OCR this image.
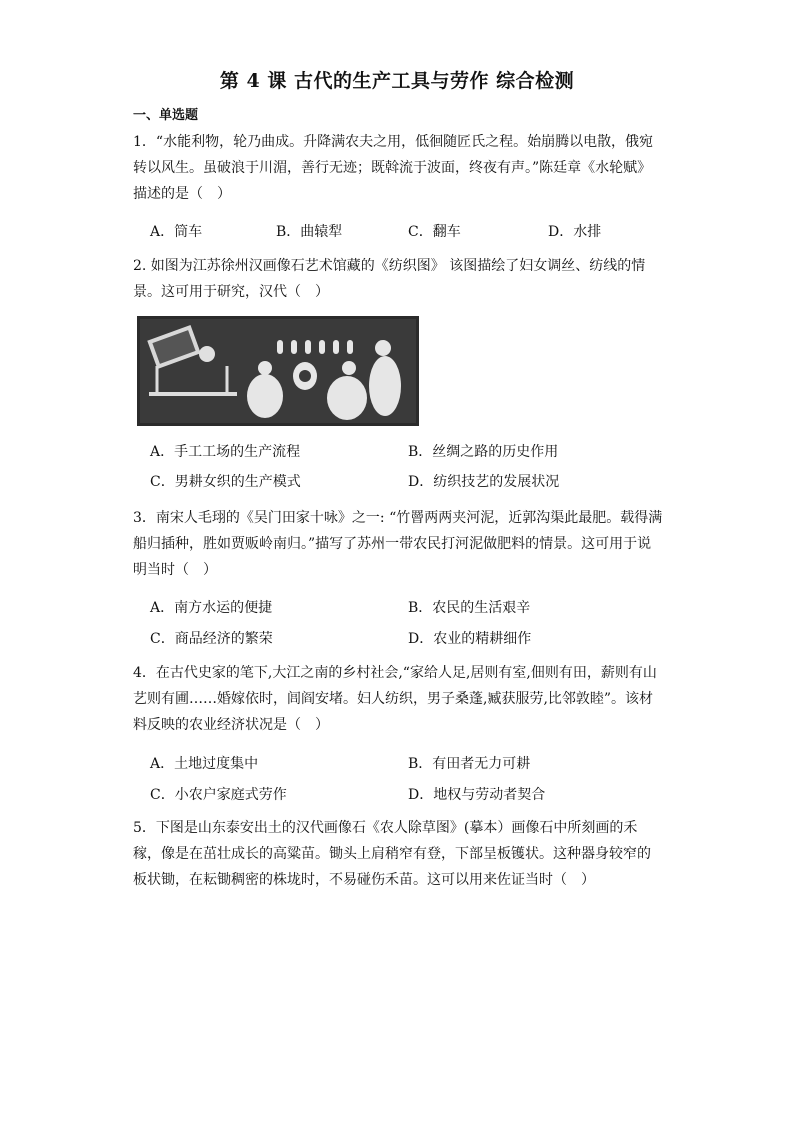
第 4 课 古代的生产工具与劳作 综合检测
一、单选题
1．“水能利物，轮乃曲成。升降满农夫之用，低徊随匠氏之程。始崩腾以电散，俄宛转以风生。虽破浪于川湄，善行无迹；既斡流于波面，终夜有声。”陈廷章《水轮赋》描述的是（　）
A．筒车	B．曲辕犁	C．翻车	D．水排
2. 如图为江苏徐州汉画像石艺术馆藏的《纺织图》 该图描绘了妇女调丝、纺线的情景。这可用于研究，汉代（　）
A．手工工场的生产流程	B．丝绸之路的历史作用
C．男耕女织的生产模式	D．纺织技艺的发展状况
3．南宋人毛珝的《吴门田家十咏》之一: “竹罾两两夹河泥，近郭沟渠此最肥。载得满船归插种，胜如贾贩岭南归。”描写了苏州一带农民打河泥做肥料的情景。这可用于说明当时（　）
A．南方水运的便捷	B．农民的生活艰辛
C．商品经济的繁荣	D．农业的精耕细作
4．在古代史家的笔下,大江之南的乡村社会,“家给人足,居则有室,佃则有田，薪则有山艺则有圃……婚嫁依时，闾阎安堵。妇人纺织，男子桑蓬,臧获服劳,比邻敦睦”。该材料反映的农业经济状况是（　）
A．土地过度集中	B．有田者无力可耕
C．小农户家庭式劳作	D．地权与劳动者契合
5．下图是山东泰安出土的汉代画像石《农人除草图》(摹本）画像石中所刻画的禾稼，像是在茁壮成长的高粱苗。锄头上肩稍窄有登，下部呈板镬状。这种器身较窄的板状锄，在耘锄稠密的株垅时，不易碰伤禾苗。这可以用来佐证当时（　）
